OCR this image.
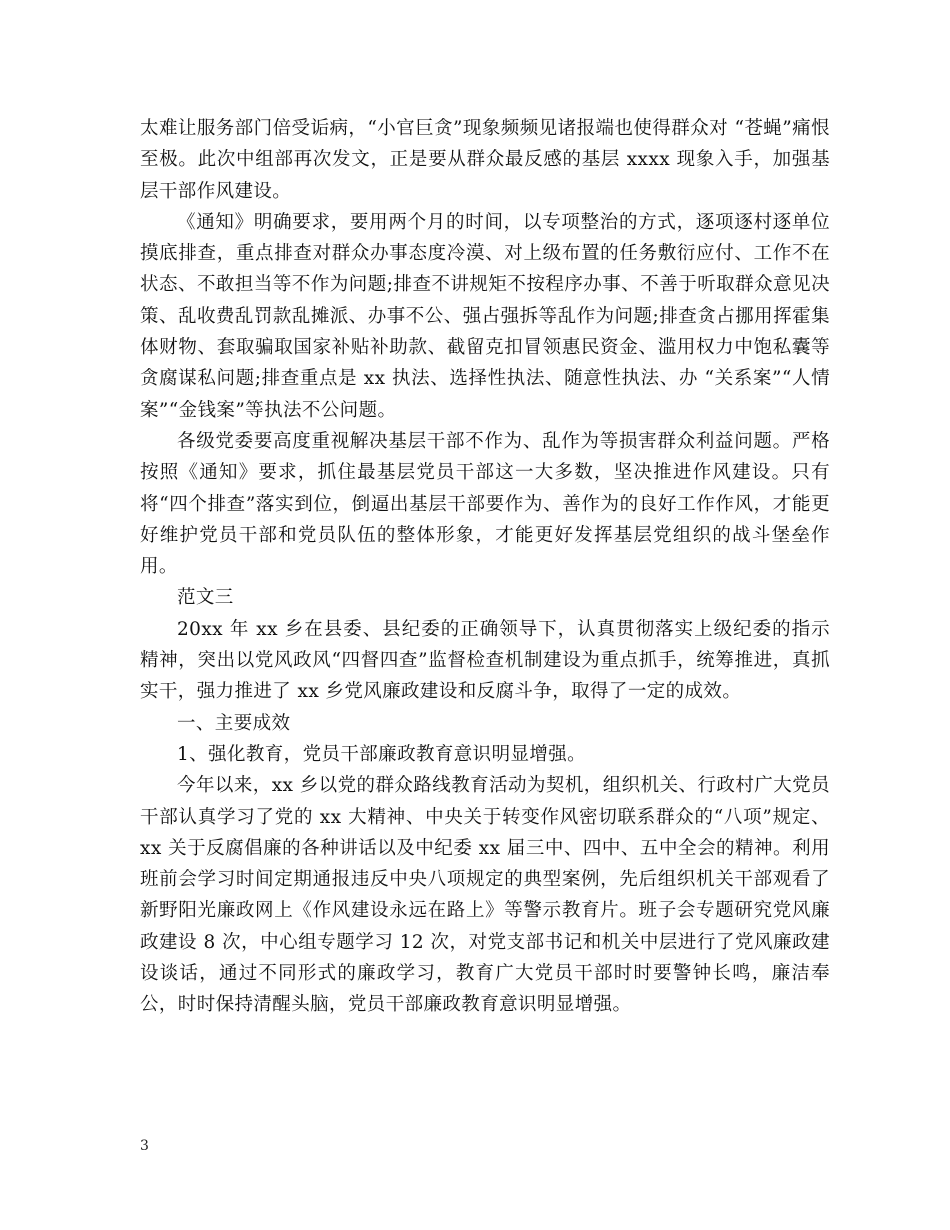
太难让服务部门倍受诟病，“小官巨贪”现象频频见诸报端也使得群众对 “苍蝇”痛恨至极。此次中组部再次发文，正是要从群众最反感的基层 xxxx 现象入手，加强基层干部作风建设。

《通知》明确要求，要用两个月的时间，以专项整治的方式，逐项逐村逐单位摸底排查，重点排查对群众办事态度冷漠、对上级布置的任务敷衍应付、工作不在状态、不敢担当等不作为问题;排查不讲规矩不按程序办事、不善于听取群众意见决策、乱收费乱罚款乱摊派、办事不公、强占强拆等乱作为问题;排查贪占挪用挥霍集体财物、套取骗取国家补贴补助款、截留克扣冒领惠民资金、滥用权力中饱私囊等贪腐谋私问题;排查重点是 xx 执法、选择性执法、随意性执法、办 “关系案”“人情案”“金钱案”等执法不公问题。

各级党委要高度重视解决基层干部不作为、乱作为等损害群众利益问题。严格按照《通知》要求，抓住最基层党员干部这一大多数，坚决推进作风建设。只有将“四个排查”落实到位，倒逼出基层干部要作为、善作为的良好工作作风，才能更好维护党员干部和党员队伍的整体形象，才能更好发挥基层党组织的战斗堡垒作用。

范文三

20xx 年 xx 乡在县委、县纪委的正确领导下，认真贯彻落实上级纪委的指示精神，突出以党风政风“四督四查”监督检查机制建设为重点抓手，统筹推进，真抓实干，强力推进了 xx 乡党风廉政建设和反腐斗争，取得了一定的成效。

一、主要成效

1、强化教育，党员干部廉政教育意识明显增强。

今年以来，xx 乡以党的群众路线教育活动为契机，组织机关、行政村广大党员干部认真学习了党的 xx 大精神、中央关于转变作风密切联系群众的“八项”规定、xx 关于反腐倡廉的各种讲话以及中纪委 xx 届三中、四中、五中全会的精神。利用班前会学习时间定期通报违反中央八项规定的典型案例，先后组织机关干部观看了新野阳光廉政网上《作风建设永远在路上》等警示教育片。班子会专题研究党风廉政建设 8 次，中心组专题学习 12 次，对党支部书记和机关中层进行了党风廉政建设谈话，通过不同形式的廉政学习，教育广大党员干部时时要警钟长鸣，廉洁奉公，时时保持清醒头脑，党员干部廉政教育意识明显增强。

3
